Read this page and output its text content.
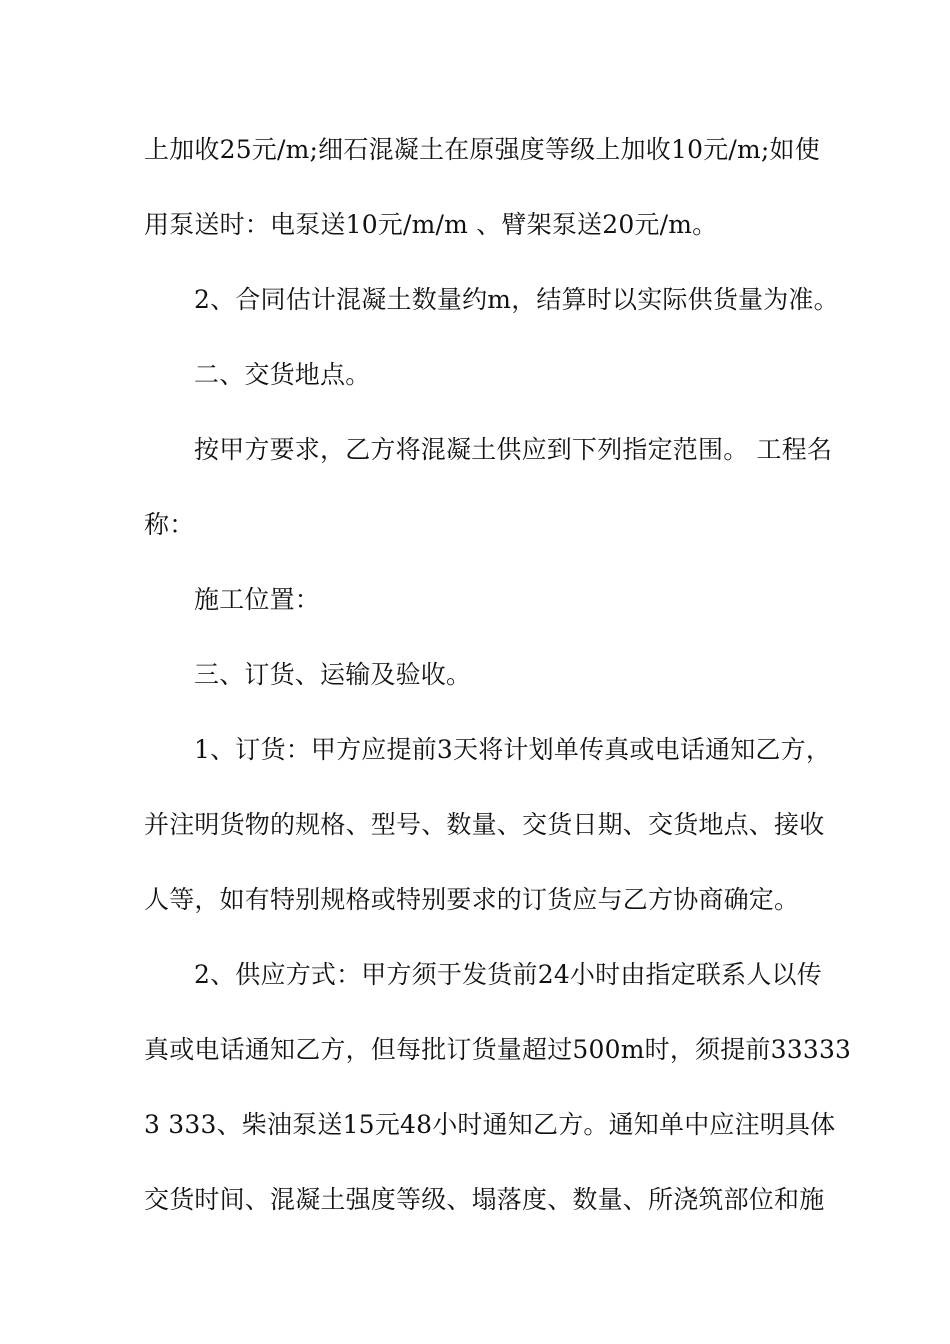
上加收25元/m;细石混凝土在原强度等级上加收10元/m;如使
用泵送时：电泵送10元/m/m 、臂架泵送20元/m。
2、合同估计混凝土数量约m，结算时以实际供货量为准。
二、交货地点。
按甲方要求，乙方将混凝土供应到下列指定范围。 工程名
称：
施工位置：
三、订货、运输及验收。
1、订货：甲方应提前3天将计划单传真或电话通知乙方，
并注明货物的规格、型号、数量、交货日期、交货地点、接收
人等，如有特别规格或特别要求的订货应与乙方协商确定。
2、供应方式：甲方须于发货前24小时由指定联系人以传
真或电话通知乙方，但每批订货量超过500m时，须提前33333
3 333、柴油泵送15元48小时通知乙方。通知单中应注明具体
交货时间、混凝土强度等级、塌落度、数量、所浇筑部位和施
